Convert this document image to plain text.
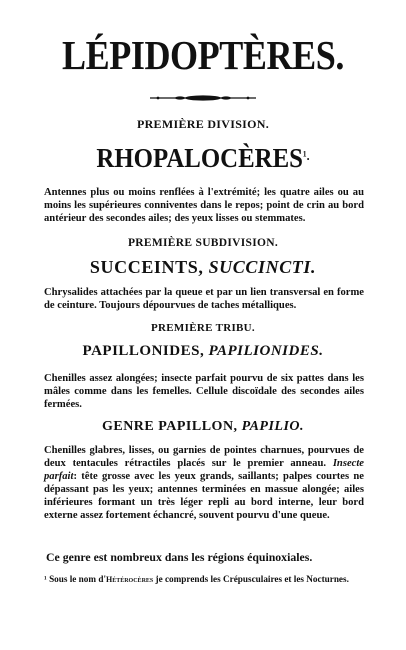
LÉPIDOPTÈRES.
PREMIÈRE DIVISION.
$RHOPALOCÈRES^{^1.}$
Antennes plus ou moins renflées à l'extrémité; les quatre ailes ou au moins les supérieures conniventes dans le repos; point de crin au bord antérieur des secondes ailes; des yeux lisses ou stemmates.
PREMIÈRE SUBDIVISION.
SUCCEINTS, SUCCINCTI.
Chrysalides attachées par la queue et par un lien transversal en forme de ceinture. Toujours dépourvues de taches métalliques.
PREMIÈRE TRIBU.
PAPILLONIDES, PAPILIONIDES.
Chenilles assez alongées; insecte parfait pourvu de six pattes dans les mâles comme dans les femelles. Cellule discoïdale des secondes ailes fermées.
GENRE PAPILLON, PAPILIO.
Chenilles glabres, lisses, ou garnies de pointes charnues, pourvues de deux tentacules rétractiles placés sur le premier anneau. Insecte parfait: tête grosse avec les yeux grands, saillants; palpes courtes ne dépassant pas les yeux; antennes terminées en massue alongée; ailes inférieures formant un très léger repli au bord interne, leur bord externe assez fortement échancré, souvent pourvu d'une queue.
Ce genre est nombreux dans les régions équinoxiales.
¹ Sous le nom d'Hétérocères je comprends les Crépusculaires et les Nocturnes.
